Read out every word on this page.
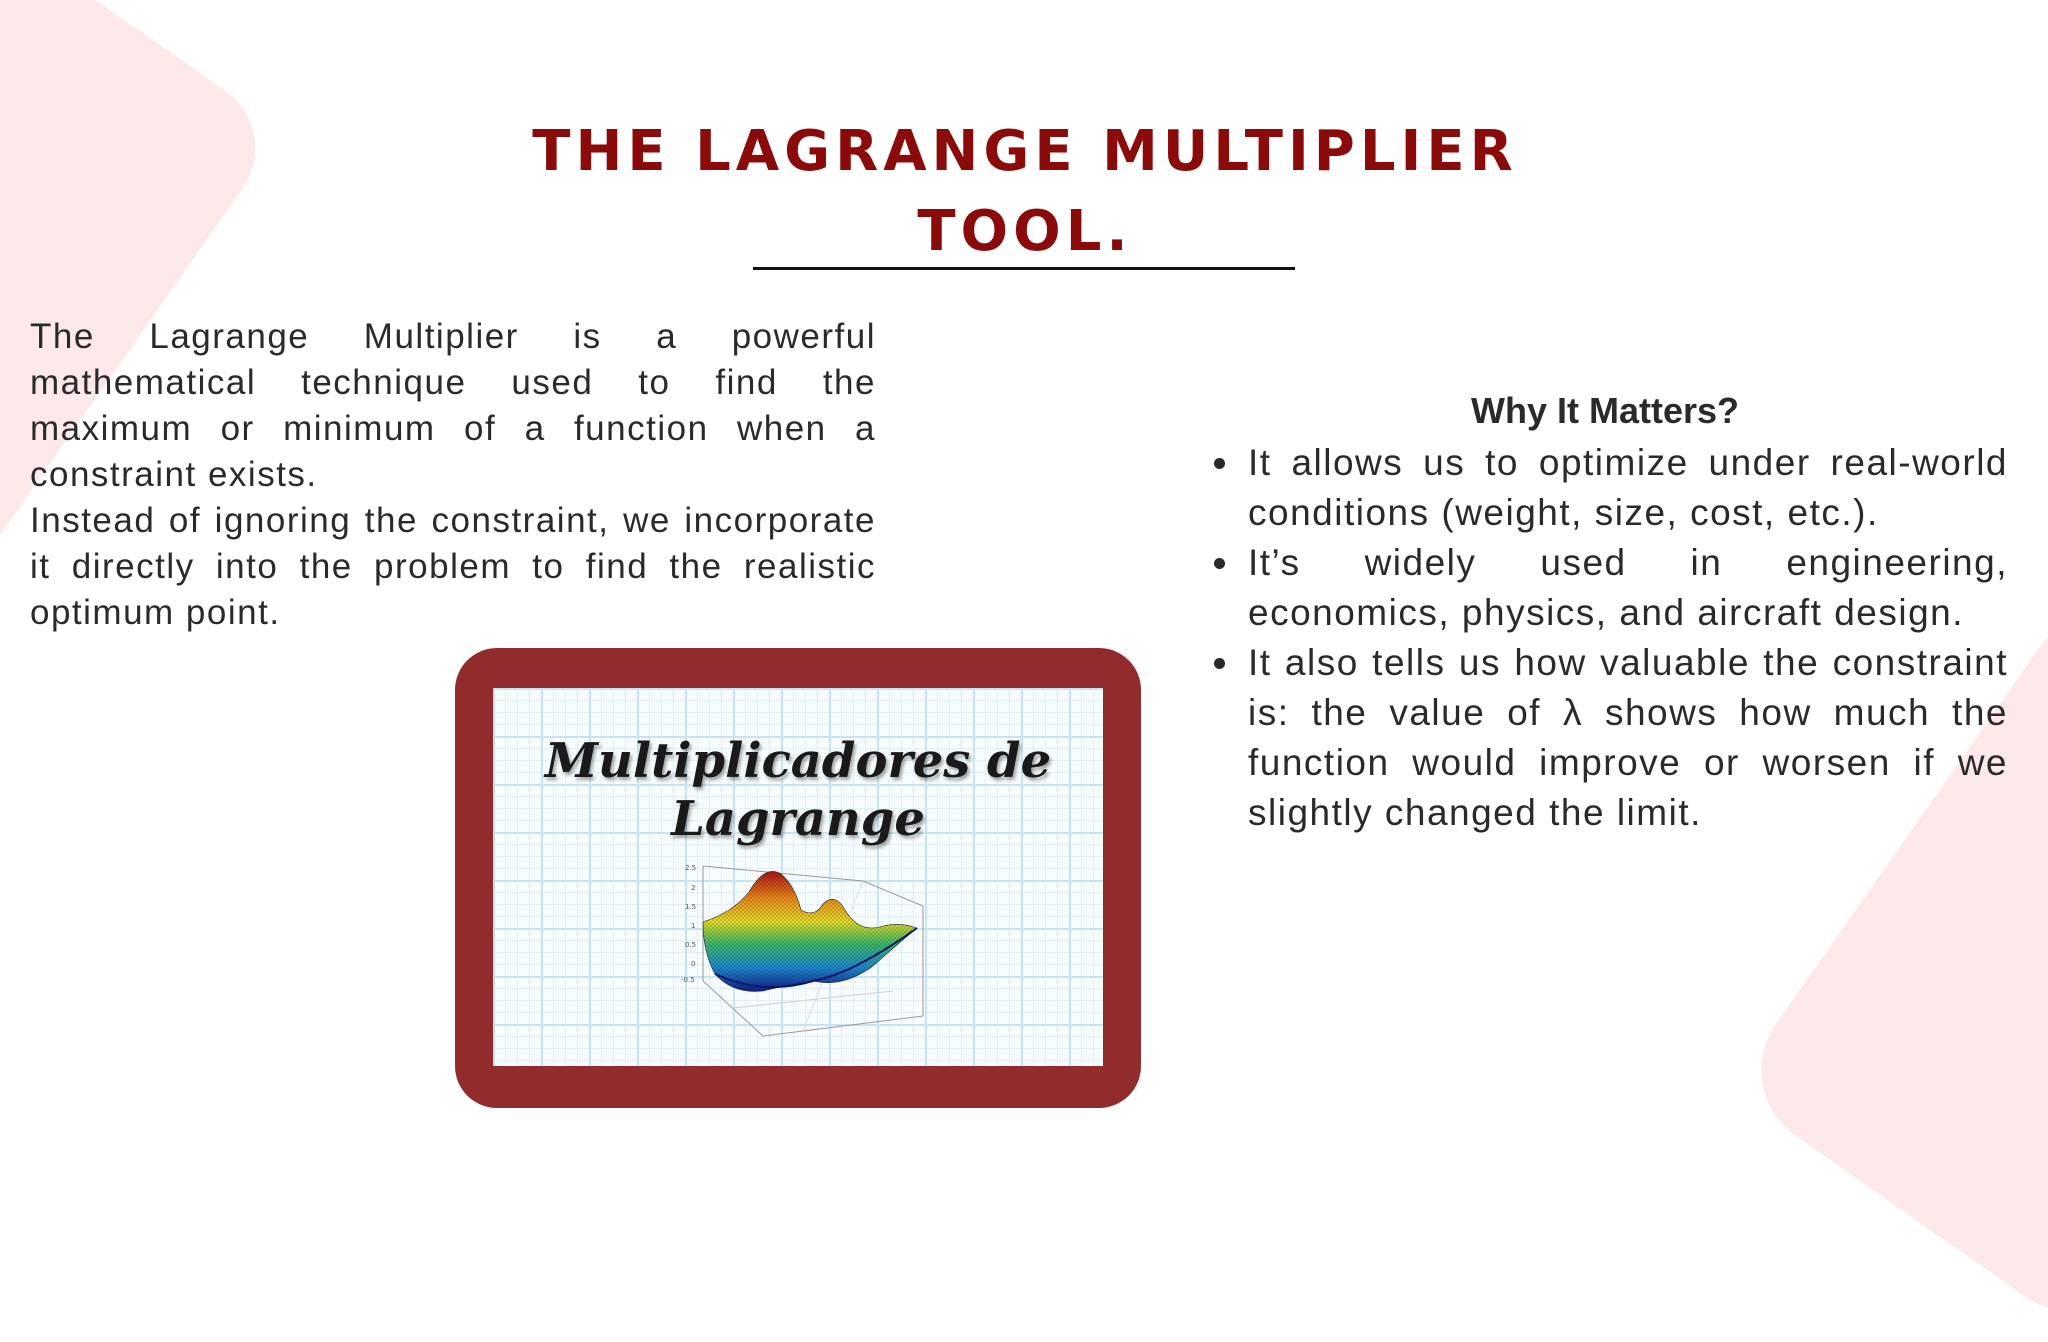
THE LAGRANGE MULTIPLIER TOOL.

The Lagrange Multiplier is a powerful mathematical technique used to find the maximum or minimum of a function when a constraint exists.

Instead of ignoring the constraint, we incorporate it directly into the problem to find the realistic optimum point.

Multiplicadores de Lagrange

2.5
2
1.5
1
0.5
0
-0.5
Why It Matters?
It allows us to optimize under real-world conditions (weight, size, cost, etc.).
It’s widely used in engineering, economics, physics, and aircraft design.
It also tells us how valuable the constraint is: the value of λ shows how much the function would improve or worsen if we slightly changed the limit.
